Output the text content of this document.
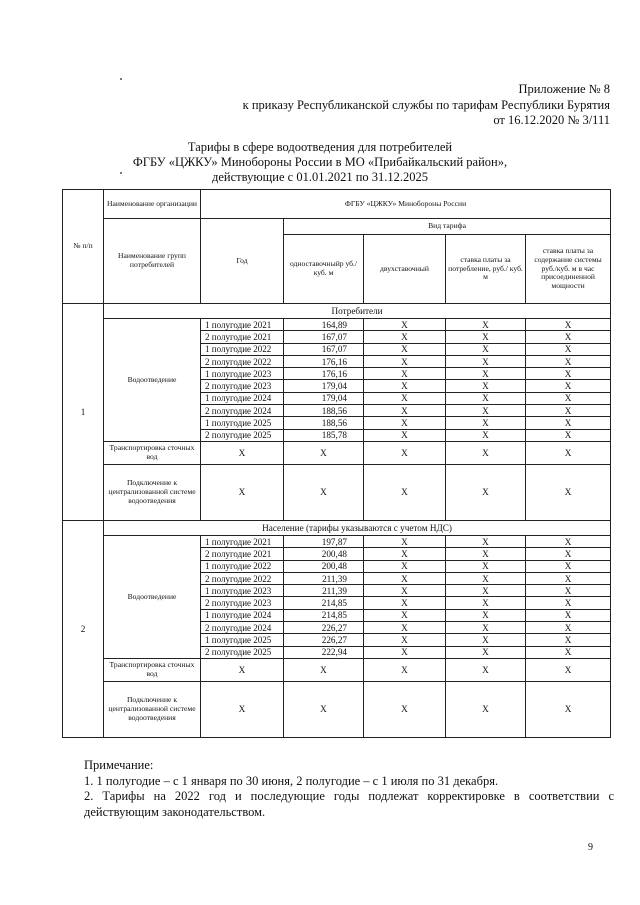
Приложение № 8
к приказу Республиканской службы по тарифам Республики Бурятия
от 16.12.2020 № 3/111
Тарифы в сфере водоотведения для потребителей
ФГБУ «ЦЖКУ» Минобороны России в МО «Прибайкальский район»,
действующие с 01.01.2021 по 31.12.2025
№ п/п	Наименование организации	ФГБУ «ЦЖКУ» Минобороны России				
	Наименование групп потребителей	Год	Вид тарифа			
			одноставочныйр уб./ куб. м	двухставочный	ставка платы за потребление, руб./ куб. м	ставка платы за содержание системы руб./куб. м в час присоединенной мощности
1	Потребители					
	Водоотведение	1 полугодие 2021	164,89	X	X	X
		2 полугодие 2021	167,07	X	X	X
		1 полугодие 2022	167,07	X	X	X
		2 полугодие 2022	176,16	X	X	X
		1 полугодие 2023	176,16	X	X	X
		2 полугодие 2023	179,04	X	X	X
		1 полугодие 2024	179,04	X	X	X
		2 полугодие 2024	188,56	X	X	X
		1 полугодие 2025	188,56	X	X	X
		2 полугодие 2025	185,78	X	X	X
	Транспортировка сточных вод	X	X	X	X	X
	Подключение к централизованной системе водоотведения	X	X	X	X	X
2	Население (тарифы указываются с учетом НДС)					
	Водоотведение	1 полугодие 2021	197,87	X	X	X
		2 полугодие 2021	200,48	X	X	X
		1 полугодие 2022	200,48	X	X	X
		2 полугодие 2022	211,39	X	X	X
		1 полугодие 2023	211,39	X	X	X
		2 полугодие 2023	214,85	X	X	X
		1 полугодие 2024	214,85	X	X	X
		2 полугодие 2024	226,27	X	X	X
		1 полугодие 2025	226,27	X	X	X
		2 полугодие 2025	222,94	X	X	X
	Транспортировка сточных вод	X	X	X	X	X
	Подключение к централизованной системе водоотведения	X	X	X	X	X

Примечание:

1. 1 полугодие – с 1 января по 30 июня, 2 полугодие – с 1 июля по 31 декабря.

2. Тарифы на 2022 год и последующие годы подлежат корректировке в соответствии с действующим законодательством.

9
